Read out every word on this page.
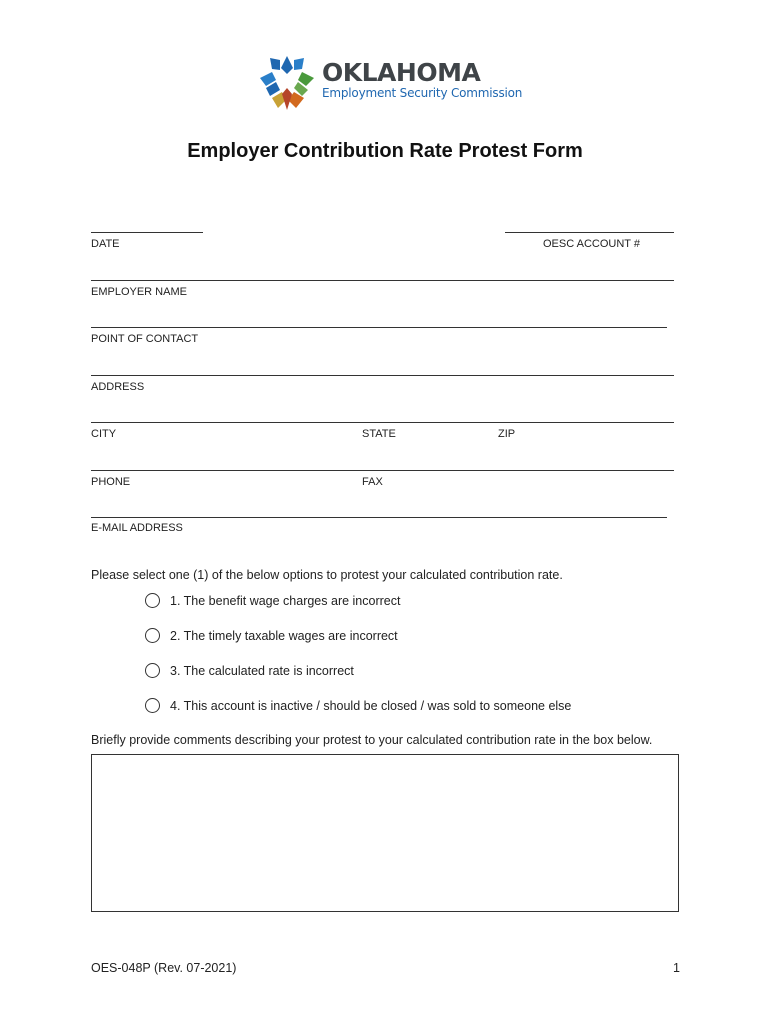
OKLAHOMA
Employment Security Commission
Employer Contribution Rate Protest Form
DATE	OESC ACCOUNT #
EMPLOYER NAME
POINT OF CONTACT
ADDRESS
CITY	STATE	ZIP
PHONE	FAX
E-MAIL ADDRESS
Please select one (1) of the below options to protest your calculated contribution rate.
1. The benefit wage charges are incorrect
2. The timely taxable wages are incorrect
3. The calculated rate is incorrect
4. This account is inactive / should be closed / was sold to someone else
Briefly provide comments describing your protest to your calculated contribution rate in the box below.
OES-048P (Rev. 07-2021)	1
